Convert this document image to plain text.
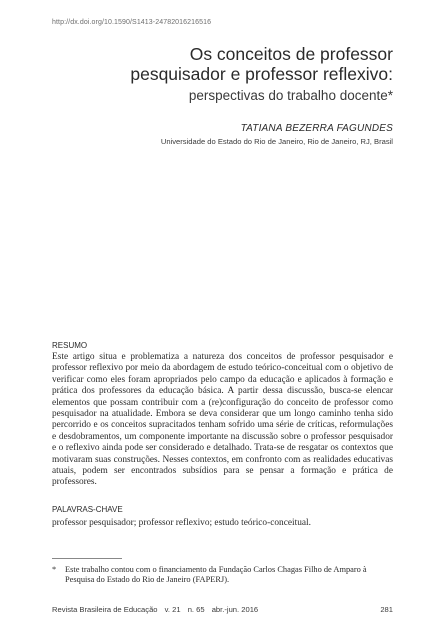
http://dx.doi.org/10.1590/S1413-24782016216516
Os conceitos de professor
pesquisador e professor reflexivo:
perspectivas do trabalho docente*
TATIANA BEZERRA FAGUNDES
Universidade do Estado do Rio de Janeiro, Rio de Janeiro, RJ, Brasil
RESUMO
Este artigo situa e problematiza a natureza dos conceitos de professor pesquisador e professor reflexivo por meio da abordagem de estudo teórico-conceitual com o objetivo de verificar como eles foram apropriados pelo campo da educação e aplicados à formação e prática dos professores da educação básica. A partir dessa discussão, busca-se elencar elementos que possam contribuir com a (re)configuração do conceito de professor como pesquisador na atualidade. Embora se deva considerar que um longo caminho tenha sido percorrido e os conceitos supracitados tenham sofrido uma série de críticas, reformulações e desdobramentos, um componente importante na discussão sobre o professor pesquisador e o reflexivo ainda pode ser considerado e detalhado. Trata-se de resgatar os contextos que motivaram suas construções. Nesses contextos, em confronto com as realidades educativas atuais, podem ser encontrados subsídios para se pensar a formação e prática de professores.
PALAVRAS-CHAVE
professor pesquisador; professor reflexivo; estudo teórico-conceitual.
* Este trabalho contou com o financiamento da Fundação Carlos Chagas Filho de Amparo à Pesquisa do Estado do Rio de Janeiro (FAPERJ).
Revista Brasileira de Educação v. 21 n. 65 abr.-jun. 2016	281
